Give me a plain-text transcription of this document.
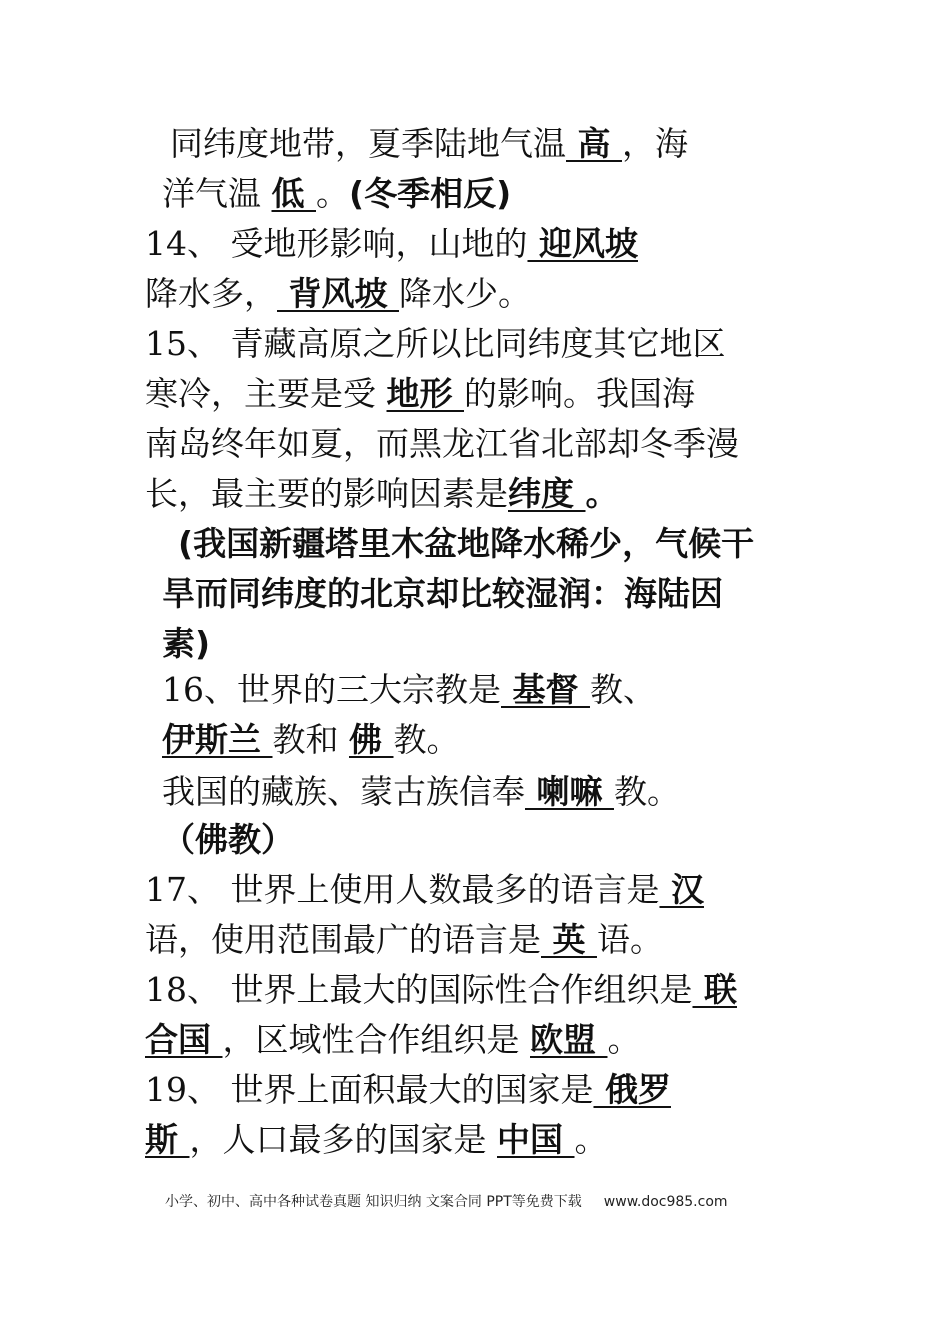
同纬度地带，夏季陆地气温 高 ，海
洋气温 低 。(冬季相反)
14、 受地形影响，山地的 迎风坡
降水多， 背风坡 降水少。
15、 青藏高原之所以比同纬度其它地区
寒冷，主要是受 地形 的影响。我国海
南岛终年如夏，而黑龙江省北部却冬季漫
长，最主要的影响因素是纬度 。
(我国新疆塔里木盆地降水稀少，气候干
旱而同纬度的北京却比较湿润：海陆因
素)
16、世界的三大宗教是 基督 教、
伊斯兰 教和 佛 教。
我国的藏族、蒙古族信奉 喇嘛 教。
（佛教）
17、 世界上使用人数最多的语言是 汉
语，使用范围最广的语言是 英 语。
18、 世界上最大的国际性合作组织是 联
合国 ，区域性合作组织是 欧盟 。
19、 世界上面积最大的国家是 俄罗
斯 ，人口最多的国家是 中国 。
小学、初中、高中各种试卷真题 知识归纳 文案合同 PPT等免费下载 www.doc985.com
